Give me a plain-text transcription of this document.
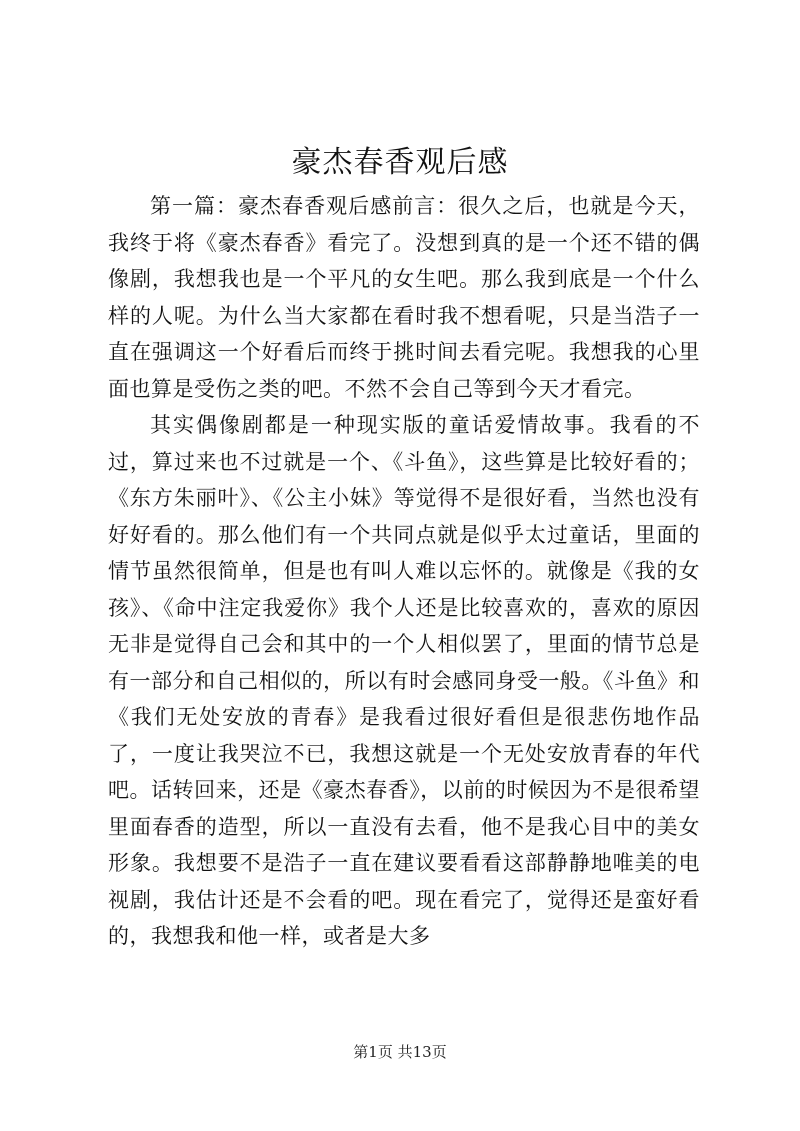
豪杰春香观后感

第一篇：豪杰春香观后感前言：很久之后，也就是今天，我终于将《豪杰春香》看完了。没想到真的是一个还不错的偶像剧，我想我也是一个平凡的女生吧。那么我到底是一个什么样的人呢。为什么当大家都在看时我不想看呢，只是当浩子一直在强调这一个好看后而终于挑时间去看完呢。我想我的心里面也算是受伤之类的吧。不然不会自己等到今天才看完。

其实偶像剧都是一种现实版的童话爱情故事。我看的不过，算过来也不过就是一个、《斗鱼》，这些算是比较好看的；《东方朱丽叶》、《公主小妹》等觉得不是很好看，当然也没有好好看的。那么他们有一个共同点就是似乎太过童话，里面的情节虽然很简单，但是也有叫人难以忘怀的。就像是《我的女孩》、《命中注定我爱你》我个人还是比较喜欢的，喜欢的原因无非是觉得自己会和其中的一个人相似罢了，里面的情节总是有一部分和自己相似的，所以有时会感同身受一般。《斗鱼》和《我们无处安放的青春》是我看过很好看但是很悲伤地作品了，一度让我哭泣不已，我想这就是一个无处安放青春的年代吧。话转回来，还是《豪杰春香》，以前的时候因为不是很希望里面春香的造型，所以一直没有去看，他不是我心目中的美女形象。我想要不是浩子一直在建议要看看这部静静地唯美的电视剧，我估计还是不会看的吧。现在看完了，觉得还是蛮好看的，我想我和他一样，或者是大多

第1页 共13页
